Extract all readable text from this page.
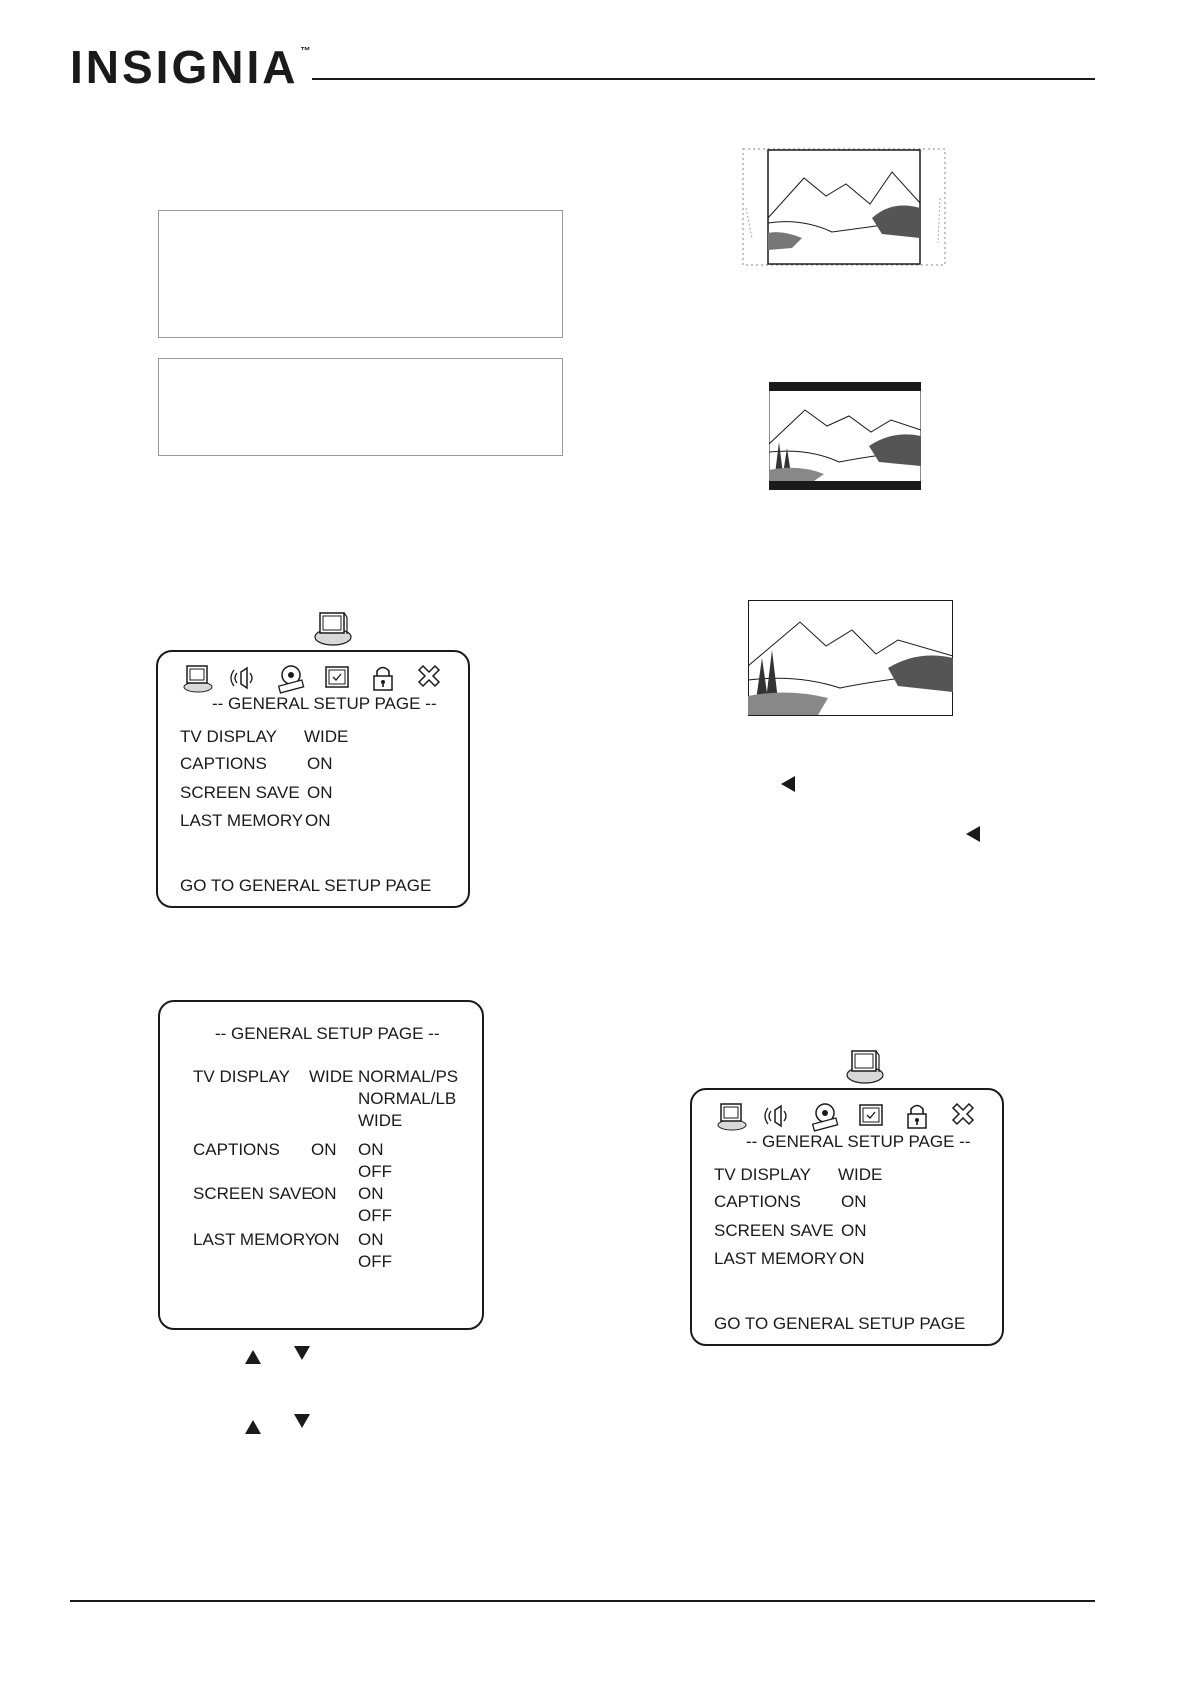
INSIGNIA ™
-- GENERAL SETUP PAGE --
TV DISPLAY WIDE
CAPTIONS ON
SCREEN SAVE ON
LAST MEMORY ON
GO TO GENERAL SETUP PAGE
-- GENERAL SETUP PAGE --
TV DISPLAY WIDE NORMAL/PS
NORMAL/LB
WIDE
CAPTIONS ON ON
OFF
SCREEN SAVE
ON ON
OFF
LAST MEMORY
ON ON
OFF
-- GENERAL SETUP PAGE --
TV DISPLAY WIDE
CAPTIONS ON
SCREEN SAVE ON
LAST MEMORY ON
GO TO GENERAL SETUP PAGE
